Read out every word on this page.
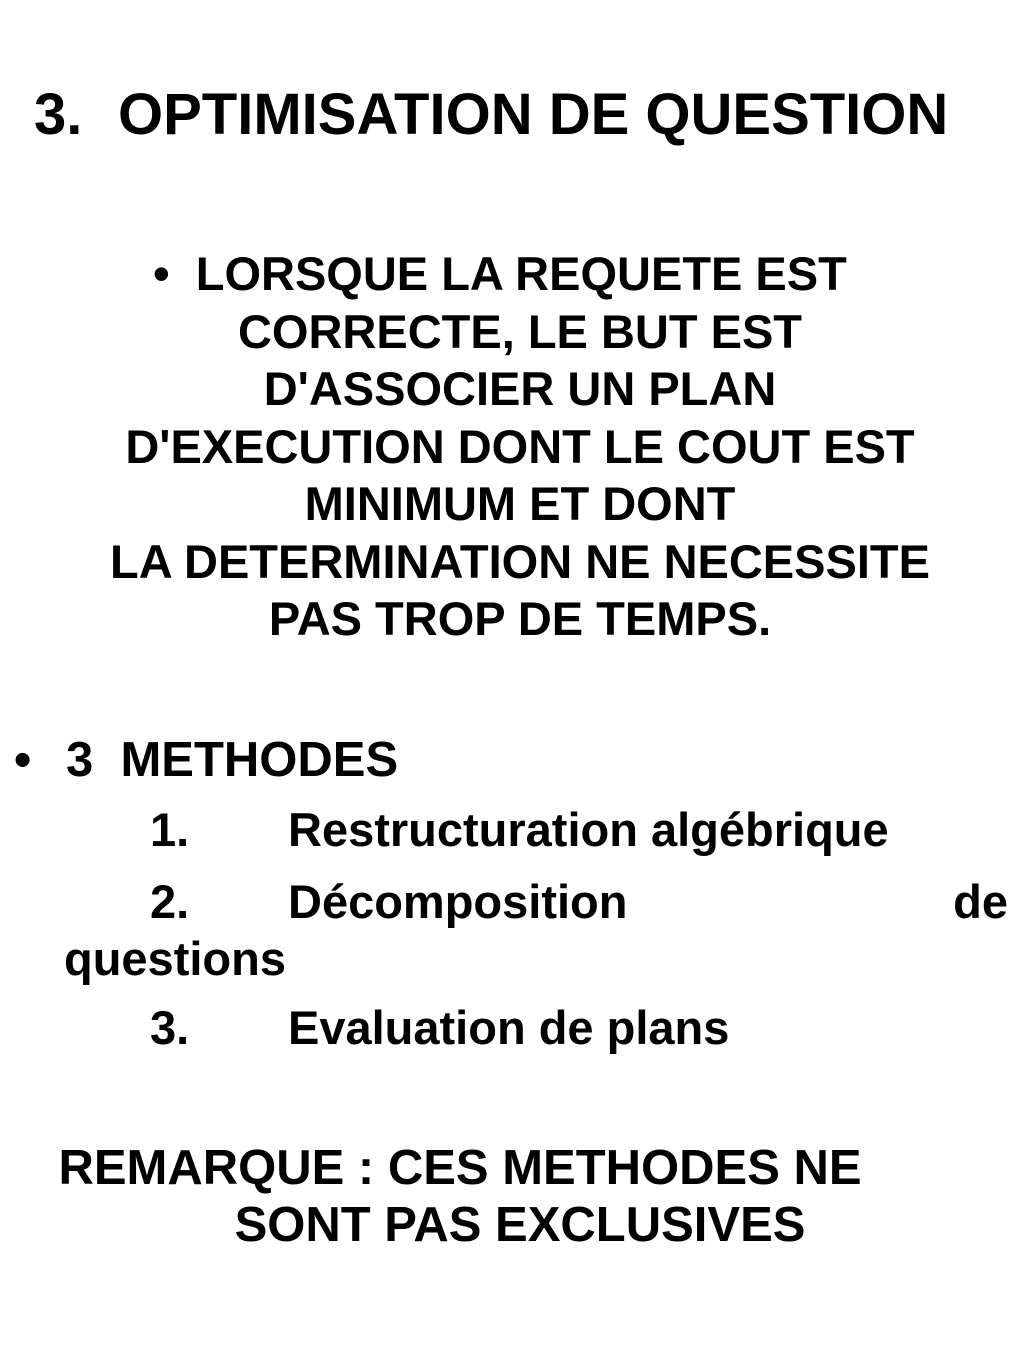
3. OPTIMISATION DE QUESTION
• LORSQUE LA REQUETE EST
CORRECTE, LE BUT EST
D'ASSOCIER UN PLAN
D'EXECUTION DONT LE COUT EST
MINIMUM ET DONT
LA DETERMINATION NE NECESSITE
PAS TROP DE TEMPS.
• 3  METHODES
1. Restructuration algébrique
2. Décomposition	de
questions
3. Evaluation de plans
REMARQUE : CES METHODES NE
SONT PAS EXCLUSIVES
